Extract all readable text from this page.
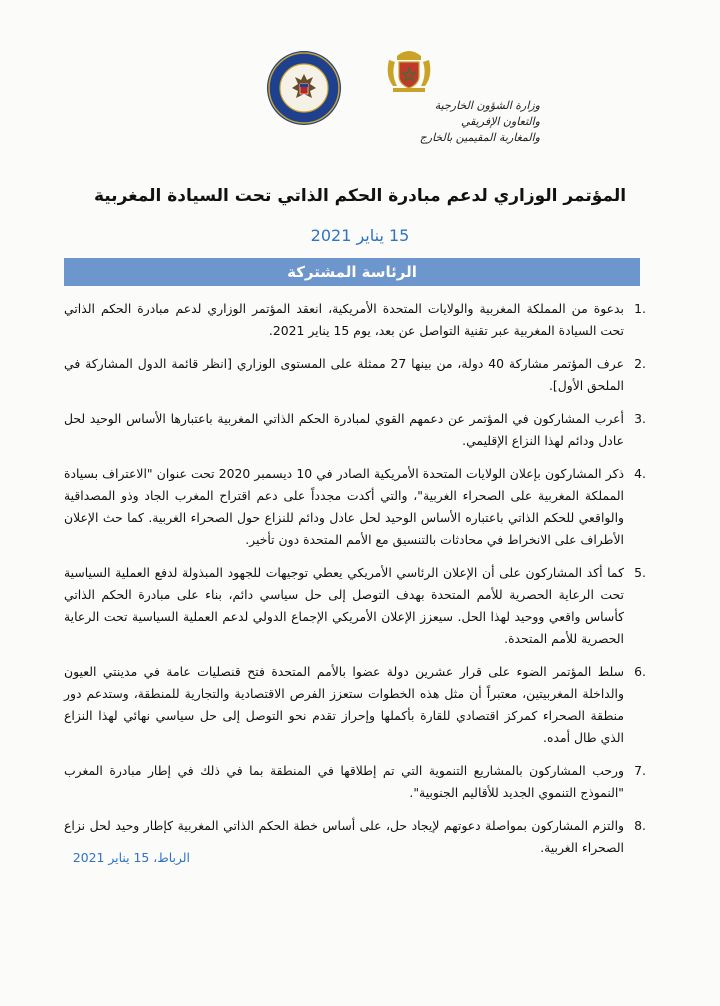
وزارة الشؤون الخارجية
والتعاون الإفريقي
والمغاربة المقيمين بالخارج
المؤتمر الوزاري لدعم مبادرة الحكم الذاتي تحت السيادة المغربية
15 يناير 2021
الرئاسة المشتركة
.1
بدعوة من المملكة المغربية والولايات المتحدة الأمريكية، انعقد المؤتمر الوزاري لدعم مبادرة الحكم الذاتي تحت السيادة المغربية عبر تقنية التواصل عن بعد، يوم 15 يناير 2021.
.2
عرف المؤتمر مشاركة 40 دولة، من بينها 27 ممثلة على المستوى الوزاري [انظر قائمة الدول المشاركة في الملحق الأول].
.3
أعرب المشاركون في المؤتمر عن دعمهم القوي لمبادرة الحكم الذاتي المغربية باعتبارها الأساس الوحيد لحل عادل ودائم لهذا النزاع الإقليمي.
.4
ذكر المشاركون بإعلان الولايات المتحدة الأمريكية الصادر في 10 ديسمبر 2020 تحت عنوان "الاعتراف بسيادة المملكة المغربية على الصحراء الغربية"، والتي أكدت مجدداً على دعم اقتراح المغرب الجاد وذو المصداقية والواقعي للحكم الذاتي باعتباره الأساس الوحيد لحل عادل ودائم للنزاع حول الصحراء الغربية. كما حث الإعلان الأطراف على الانخراط في محادثات بالتنسيق مع الأمم المتحدة دون تأخير.
.5
كما أكد المشاركون على أن الإعلان الرئاسي الأمريكي يعطي توجيهات للجهود المبذولة لدفع العملية السياسية تحت الرعاية الحصرية للأمم المتحدة بهدف التوصل إلى حل سياسي دائم، بناء على مبادرة الحكم الذاتي كأساس واقعي ووحيد لهذا الحل. سيعزز الإعلان الأمريكي الإجماع الدولي لدعم العملية السياسية تحت الرعاية الحصرية للأمم المتحدة.
.6
سلط المؤتمر الضوء على قرار عشرين دولة عضوا بالأمم المتحدة فتح قنصليات عامة في مدينتي العيون والداخلة المغربيتين، معتبراً أن مثل هذه الخطوات ستعزز الفرص الاقتصادية والتجارية للمنطقة، وستدعم دور منطقة الصحراء كمركز اقتصادي للقارة بأكملها وإحراز تقدم نحو التوصل إلى حل سياسي نهائي لهذا النزاع الذي طال أمده.
.7
ورحب المشاركون بالمشاريع التنموية التي تم إطلاقها في المنطقة بما في ذلك في إطار مبادرة المغرب "النموذج التنموي الجديد للأقاليم الجنوبية".
.8
والتزم المشاركون بمواصلة دعوتهم لإيجاد حل، على أساس خطة الحكم الذاتي المغربية كإطار وحيد لحل نزاع الصحراء الغربية.
الرباط، 15 يناير 2021
